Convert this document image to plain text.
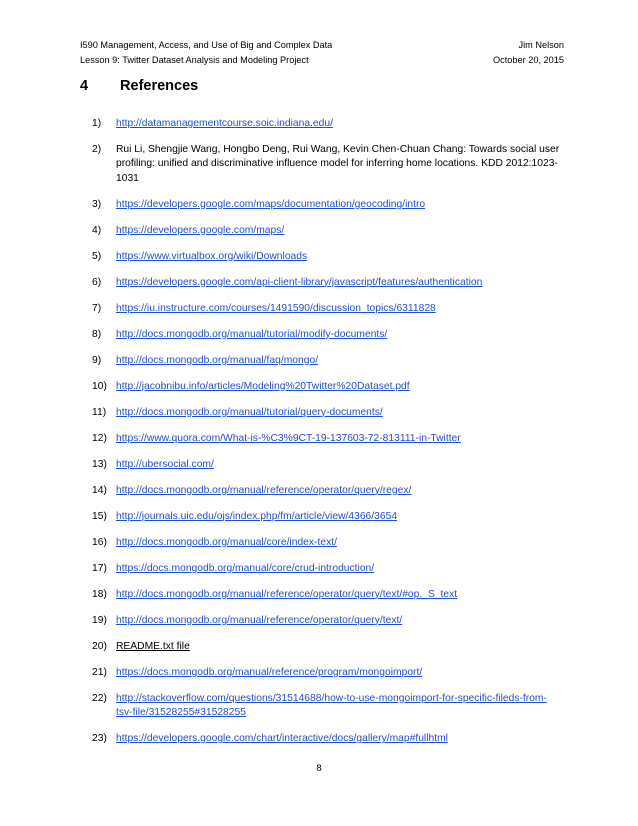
I590 Management, Access, and Use of Big and Complex Data	Jim Nelson
Lesson 9: Twitter Dataset Analysis and Modeling Project	October 20, 2015
4 References
1) http://datamanagementcourse.soic.indiana.edu/
2) Rui Li, Shengjie Wang, Hongbo Deng, Rui Wang, Kevin Chen-Chuan Chang: Towards social user profiling: unified and discriminative influence model for inferring home locations. KDD 2012:1023-1031
3) https://developers.google.com/maps/documentation/geocoding/intro
4) https://developers.google.com/maps/
5) https://www.virtualbox.org/wiki/Downloads
6) https://developers.google.com/api-client-library/javascript/features/authentication
7) https://iu.instructure.com/courses/1491590/discussion_topics/6311828
8) http://docs.mongodb.org/manual/tutorial/modify-documents/
9) http://docs.mongodb.org/manual/faq/mongo/
10) http://jacobnibu.info/articles/Modeling%20Twitter%20Dataset.pdf
11) http://docs.mongodb.org/manual/tutorial/query-documents/
12) https://www.quora.com/What-is-%C3%9CT-19-137603-72-813111-in-Twitter
13) http://ubersocial.com/
14) http://docs.mongodb.org/manual/reference/operator/query/regex/
15) http://journals.uic.edu/ojs/index.php/fm/article/view/4366/3654
16) http://docs.mongodb.org/manual/core/index-text/
17) https://docs.mongodb.org/manual/core/crud-introduction/
18) http://docs.mongodb.org/manual/reference/operator/query/text/#op._S_text
19) http://docs.mongodb.org/manual/reference/operator/query/text/
20) README.txt file
21) https://docs.mongodb.org/manual/reference/program/mongoimport/
22) http://stackoverflow.com/questions/31514688/how-to-use-mongoimport-for-specific-fileds-from-tsv-file/31528255#31528255
23) https://developers.google.com/chart/interactive/docs/gallery/map#fullhtml
8
